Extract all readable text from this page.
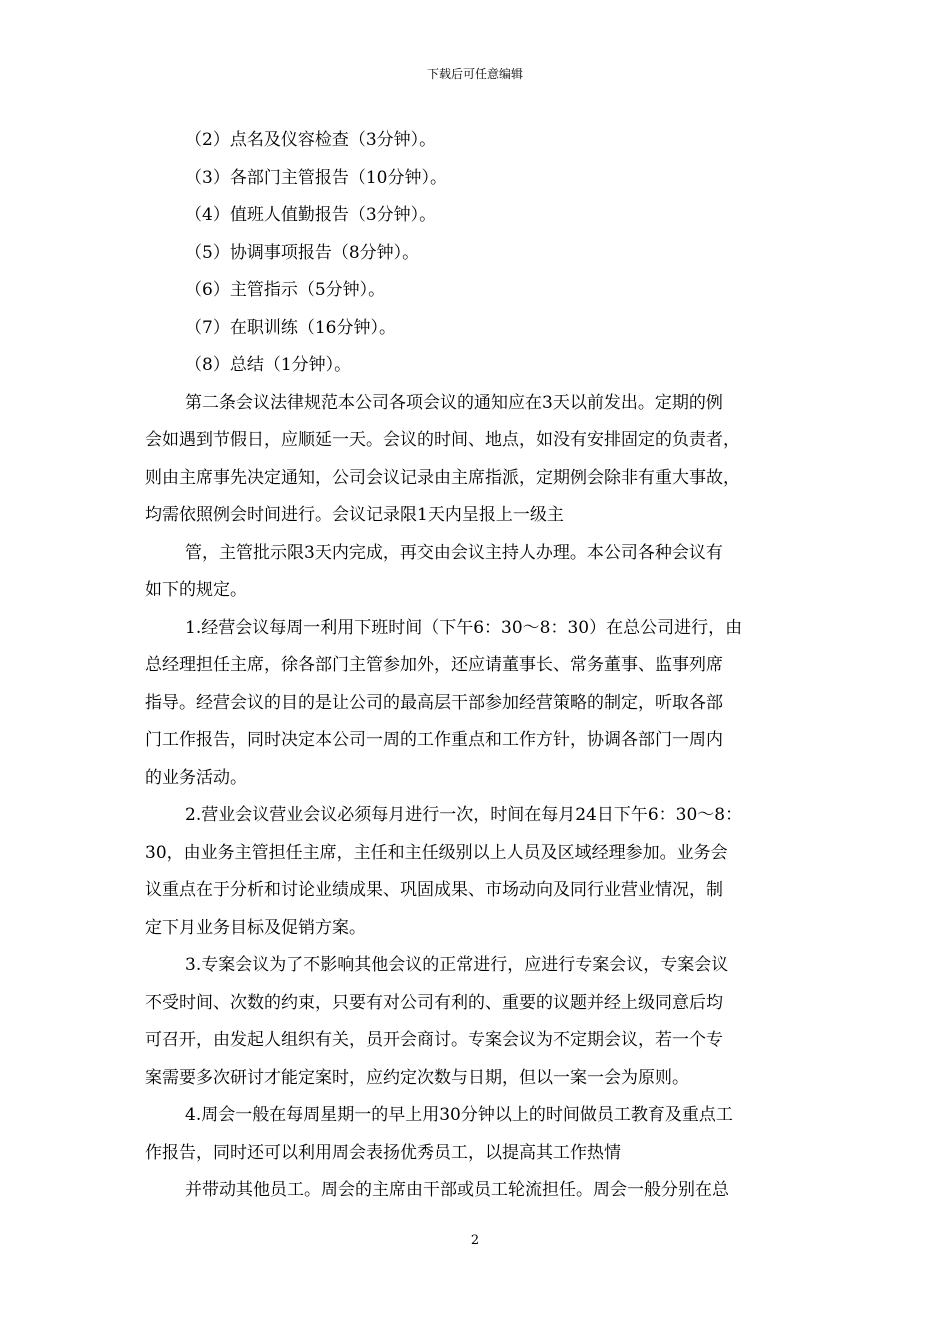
下载后可任意编辑
（2）点名及仪容检查（3分钟）。
（3）各部门主管报告（10分钟）。
（4）值班人值勤报告（3分钟）。
（5）协调事项报告（8分钟）。
（6）主管指示（5分钟）。
（7）在职训练（16分钟）。
（8）总结（1分钟）。

第二条会议法律规范本公司各项会议的通知应在3天以前发出。定期的例
会如遇到节假日，应顺延一天。会议的时间、地点，如没有安排固定的负责者，
则由主席事先决定通知，公司会议记录由主席指派，定期例会除非有重大事故，
均需依照例会时间进行。会议记录限1天内呈报上一级主

管，主管批示限3天内完成，再交由会议主持人办理。本公司各种会议有
如下的规定。

1.经营会议每周一利用下班时间（下午6：30～8：30）在总公司进行，由
总经理担任主席，徐各部门主管参加外，还应请董事长、常务董事、监事列席
指导。经营会议的目的是让公司的最高层干部参加经营策略的制定，听取各部
门工作报告，同时决定本公司一周的工作重点和工作方针，协调各部门一周内
的业务活动。

2.营业会议营业会议必须每月进行一次，时间在每月24日下午6：30～8：
30，由业务主管担任主席，主任和主任级别以上人员及区域经理参加。业务会
议重点在于分析和讨论业绩成果、巩固成果、市场动向及同行业营业情况，制
定下月业务目标及促销方案。

3.专案会议为了不影响其他会议的正常进行，应进行专案会议，专案会议
不受时间、次数的约束，只要有对公司有利的、重要的议题并经上级同意后均
可召开，由发起人组织有关，员开会商讨。专案会议为不定期会议，若一个专
案需要多次研讨才能定案时，应约定次数与日期，但以一案一会为原则。

4.周会一般在每周星期一的早上用30分钟以上的时间做员工教育及重点工
作报告，同时还可以利用周会表扬优秀员工，以提高其工作热情

并带动其他员工。周会的主席由干部或员工轮流担任。周会一般分别在总

2
